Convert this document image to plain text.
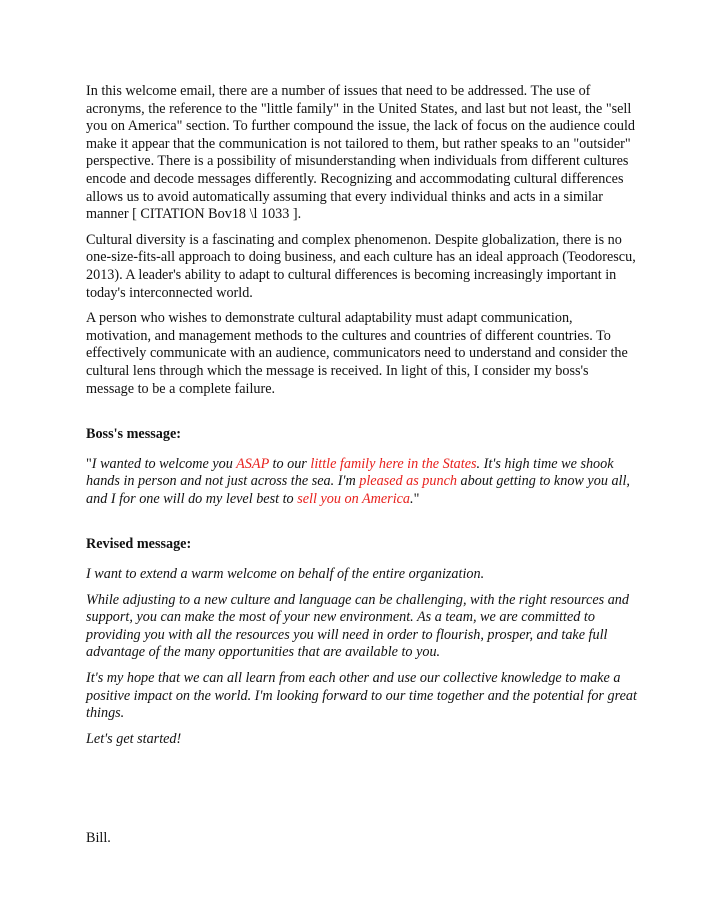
In this welcome email, there are a number of issues that need to be addressed. The use of acronyms, the reference to the "little family" in the United States, and last but not least, the "sell you on America" section. To further compound the issue, the lack of focus on the audience could make it appear that the communication is not tailored to them, but rather speaks to an "outsider" perspective. There is a possibility of misunderstanding when individuals from different cultures encode and decode messages differently. Recognizing and accommodating cultural differences allows us to avoid automatically assuming that every individual thinks and acts in a similar manner [ CITATION Bov18 \l 1033 ].

Cultural diversity is a fascinating and complex phenomenon. Despite globalization, there is no one-size-fits-all approach to doing business, and each culture has an ideal approach (Teodorescu, 2013). A leader's ability to adapt to cultural differences is becoming increasingly important in today's interconnected world.

A person who wishes to demonstrate cultural adaptability must adapt communication, motivation, and management methods to the cultures and countries of different countries. To effectively communicate with an audience, communicators need to understand and consider the cultural lens through which the message is received. In light of this, I consider my boss's message to be a complete failure.

Boss's message:

"I wanted to welcome you ASAP to our little family here in the States. It's high time we shook hands in person and not just across the sea. I'm pleased as punch about getting to know you all, and I for one will do my level best to sell you on America."

Revised message:

I want to extend a warm welcome on behalf of the entire organization.

While adjusting to a new culture and language can be challenging, with the right resources and support, you can make the most of your new environment. As a team, we are committed to providing you with all the resources you will need in order to flourish, prosper, and take full advantage of the many opportunities that are available to you.

It's my hope that we can all learn from each other and use our collective knowledge to make a positive impact on the world. I'm looking forward to our time together and the potential for great things.

Let's get started!

Bill.
